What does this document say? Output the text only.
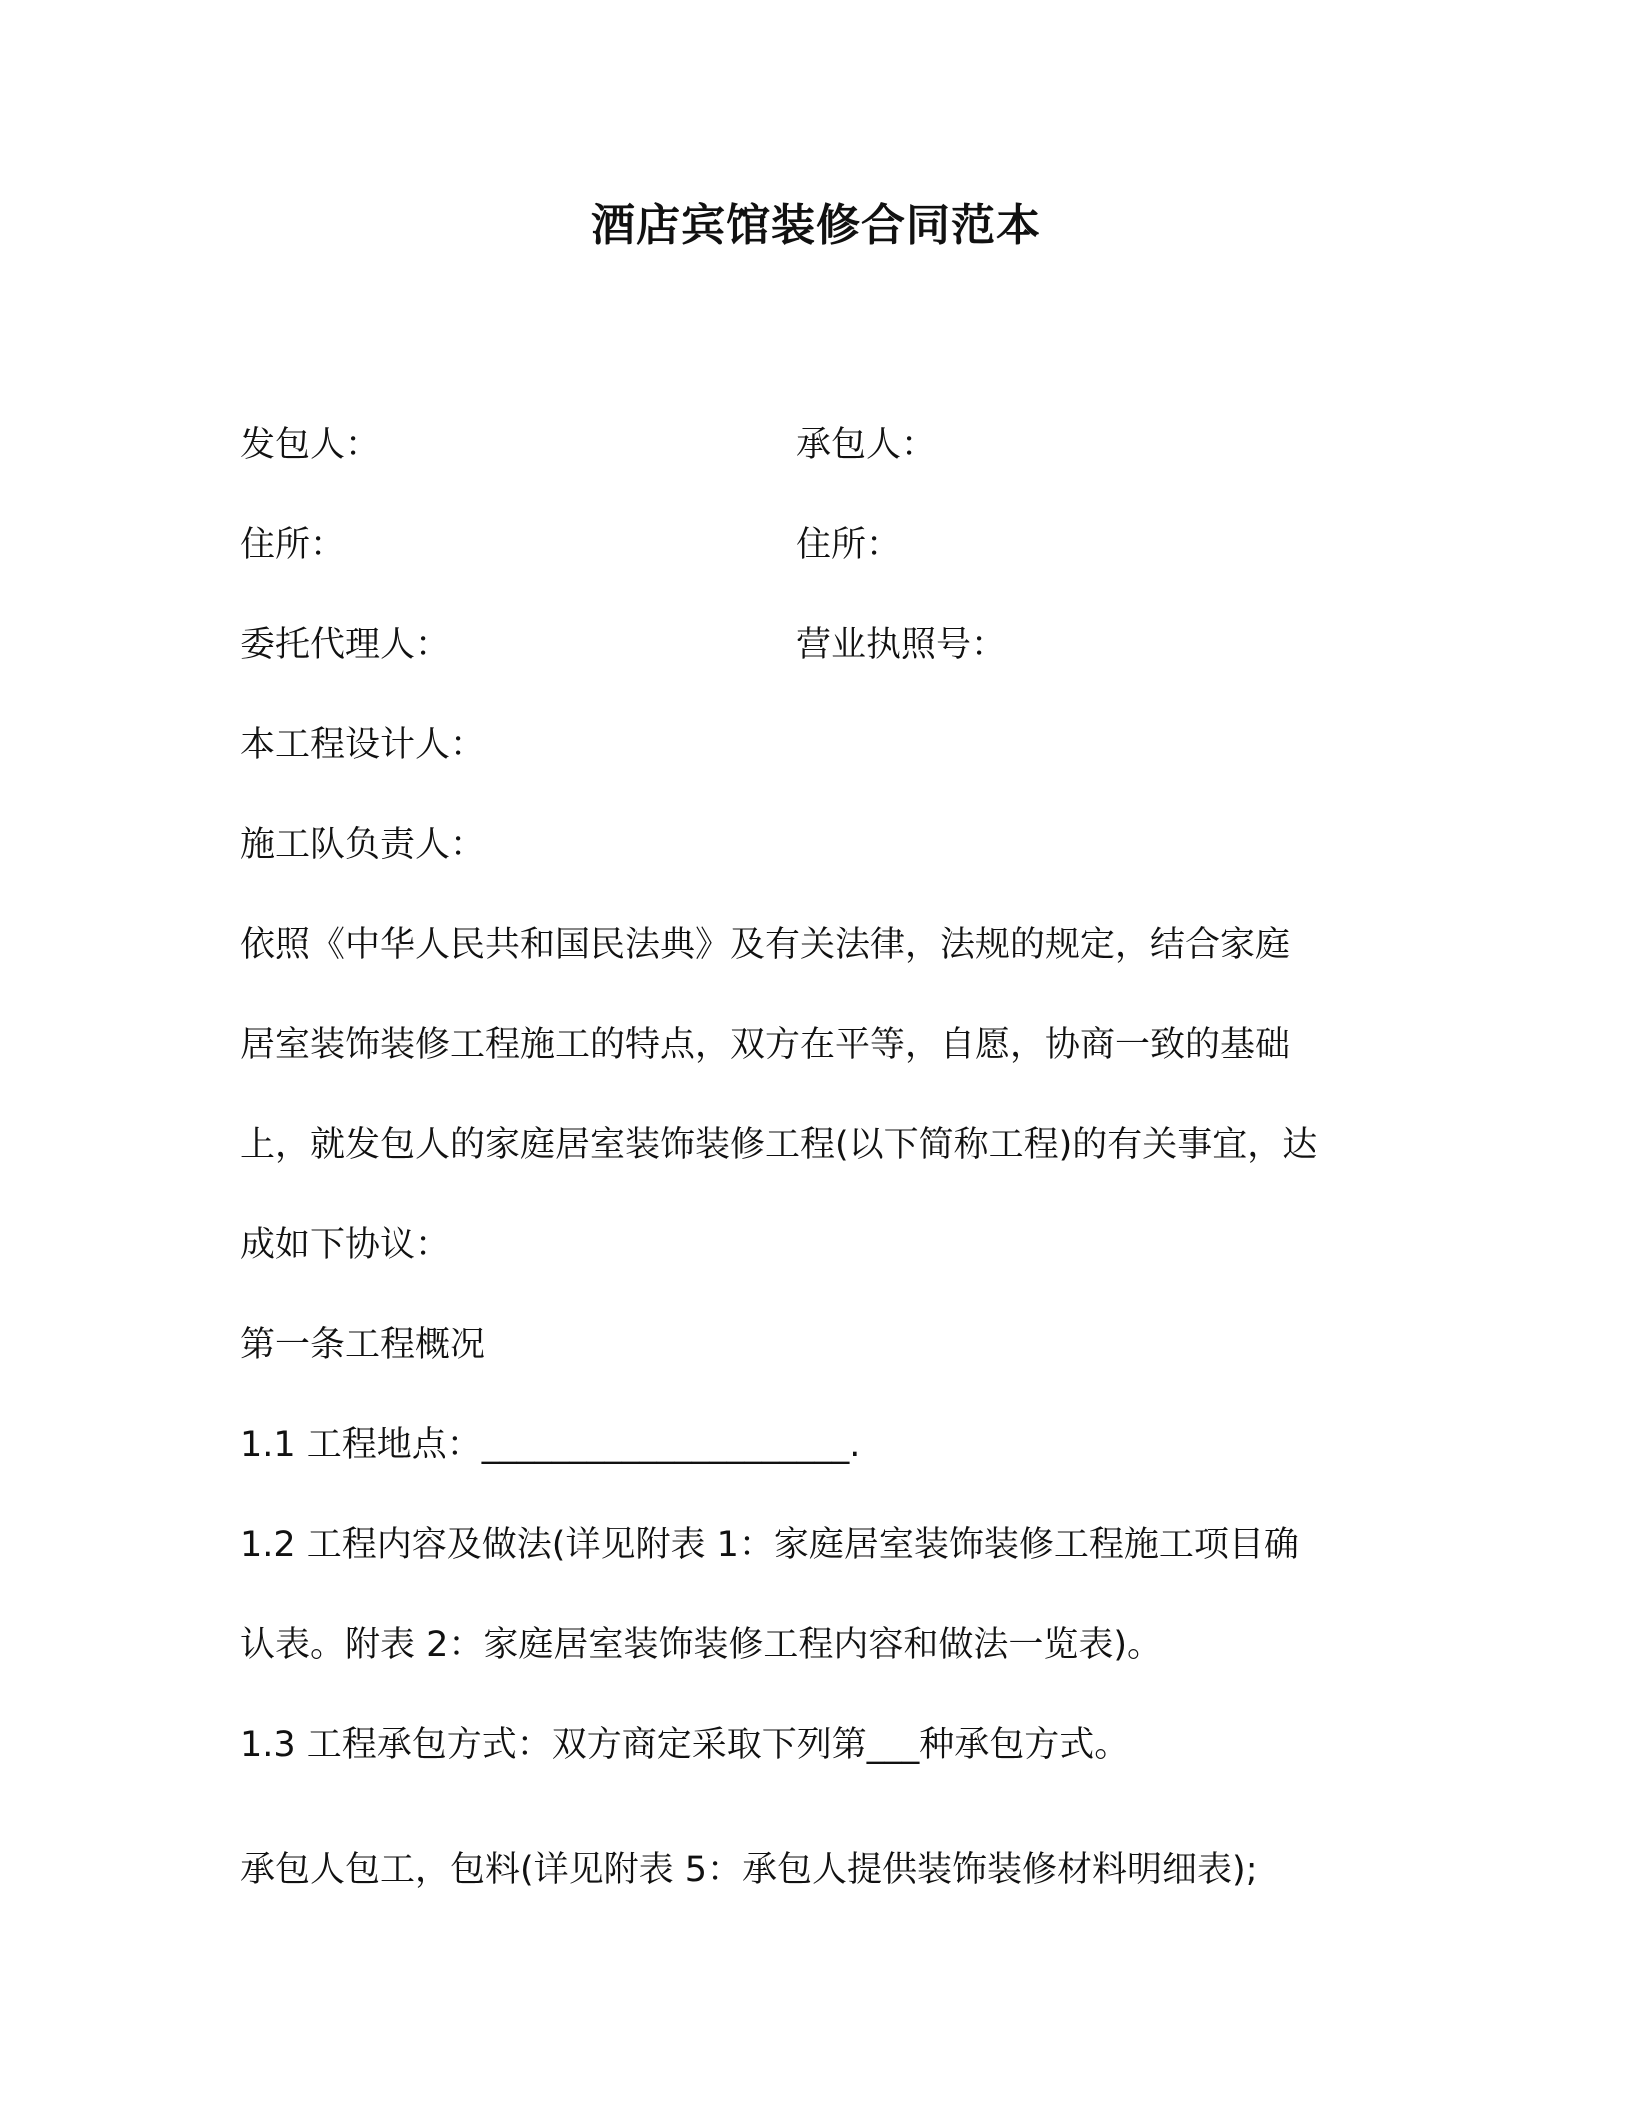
酒店宾馆装修合同范本
发包人：	承包人：
住所：	住所：
委托代理人：	营业执照号：
本工程设计人：
施工队负责人：
依照《中华人民共和国民法典》及有关法律，法规的规定，结合家庭
居室装饰装修工程施工的特点，双方在平等，自愿，协商一致的基础
上，就发包人的家庭居室装饰装修工程(以下简称工程)的有关事宜，达
成如下协议：
第一条工程概况
1.1 工程地点：_____________________.
1.2 工程内容及做法(详见附表 1：家庭居室装饰装修工程施工项目确
认表。附表 2：家庭居室装饰装修工程内容和做法一览表)。
1.3 工程承包方式：双方商定采取下列第___种承包方式。
承包人包工，包料(详见附表 5：承包人提供装饰装修材料明细表);
